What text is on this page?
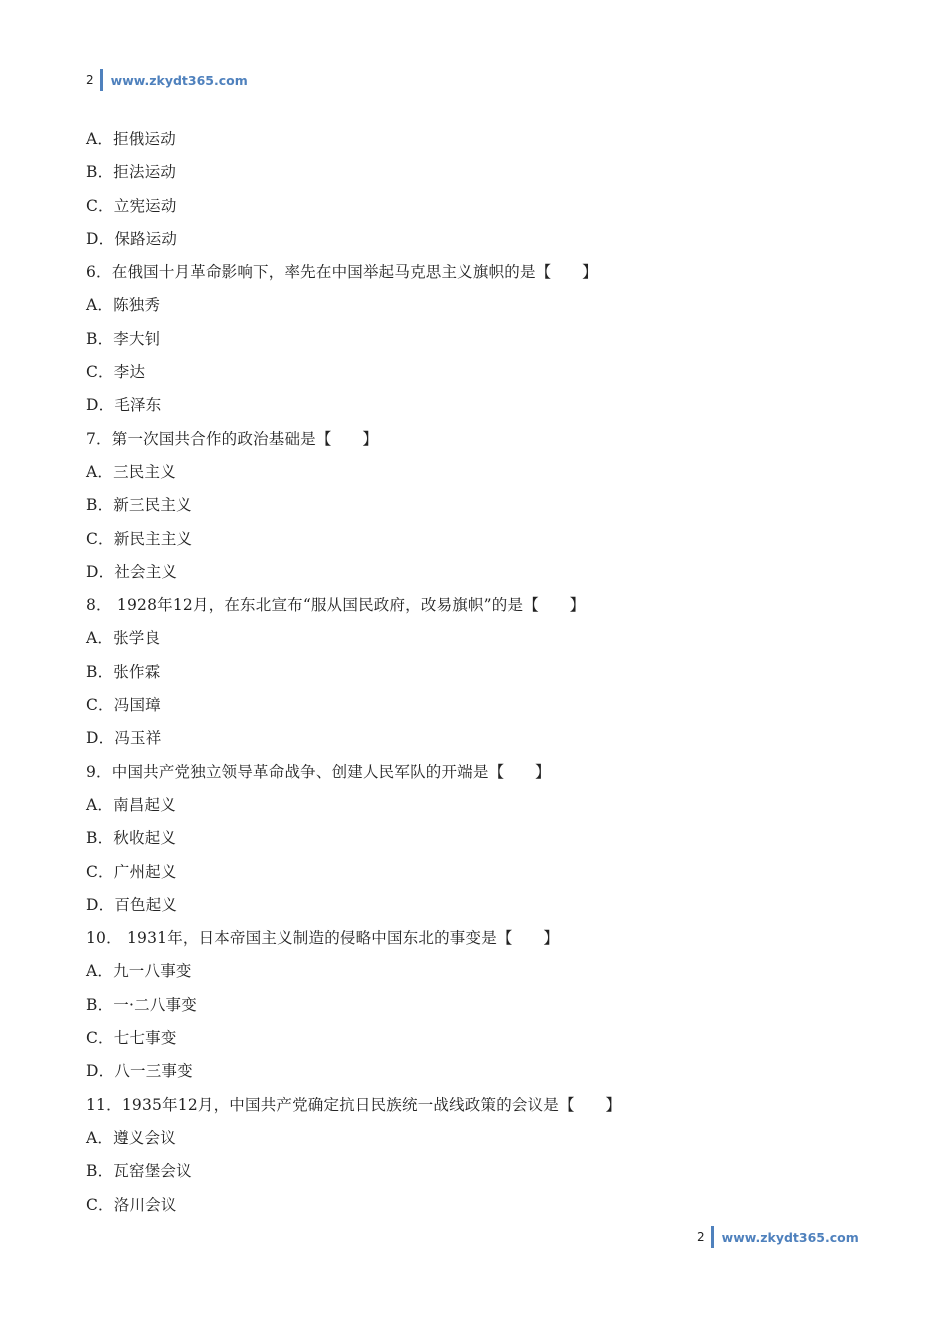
2 www.zkydt365.com
A．拒俄运动
B．拒法运动
C．立宪运动
D．保路运动
6．在俄国十月革命影响下，率先在中国举起马克思主义旗帜的是【      】
A．陈独秀
B．李大钊
C．李达
D．毛泽东
7．第一次国共合作的政治基础是【      】
A．三民主义
B．新三民主义
C．新民主主义
D．社会主义
8． 1928年12月，在东北宣布“服从国民政府，改易旗帜”的是【      】
A．张学良
B．张作霖
C．冯国璋
D．冯玉祥
9．中国共产党独立领导革命战争、创建人民军队的开端是【      】
A．南昌起义
B．秋收起义
C．广州起义
D．百色起义
10． 1931年，日本帝国主义制造的侵略中国东北的事变是【      】
A．九一八事变
B．一·二八事变
C．七七事变
D．八一三事变
11．1935年12月，中国共产党确定抗日民族统一战线政策的会议是【      】
A．遵义会议
B．瓦窑堡会议
C．洛川会议
2 www.zkydt365.com
